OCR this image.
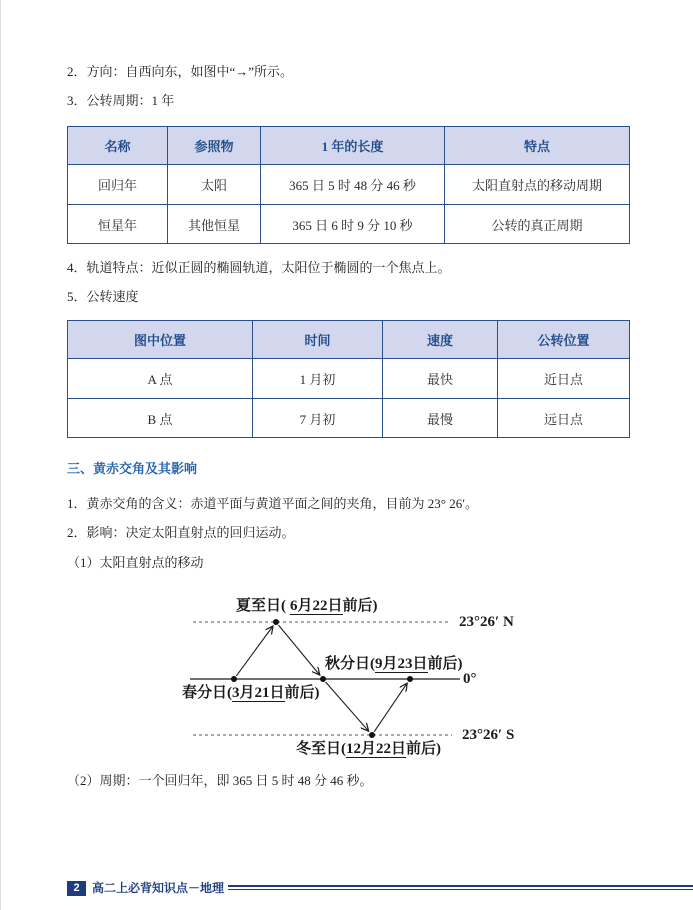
2．方向：自西向东，如图中“→”所示。
3．公转周期：1 年
名称	参照物	1 年的长度	特点
回归年	太阳	365 日 5 时 48 分 46 秒	太阳直射点的移动周期
恒星年	其他恒星	365 日 6 时 9 分 10 秒	公转的真正周期
4．轨道特点：近似正圆的椭圆轨道，太阳位于椭圆的一个焦点上。
5．公转速度
图中位置	时间	速度	公转位置
A 点	1 月初	最快	近日点
B 点	7 月初	最慢	远日点
三、黄赤交角及其影响
1．黄赤交角的含义：赤道平面与黄道平面之间的夹角，目前为 23° 26′。
2．影响：决定太阳直射点的回归运动。
（1）太阳直射点的移动
夏至日( 6月22日前后)
秋分日(9月23日前后)
春分日(3月21日前后)
冬至日(12月22日前后)
23°26′ N
0°
23°26′ S
（2）周期：一个回归年，即 365 日 5 时 48 分 46 秒。
2	高二上必背知识点－地理
